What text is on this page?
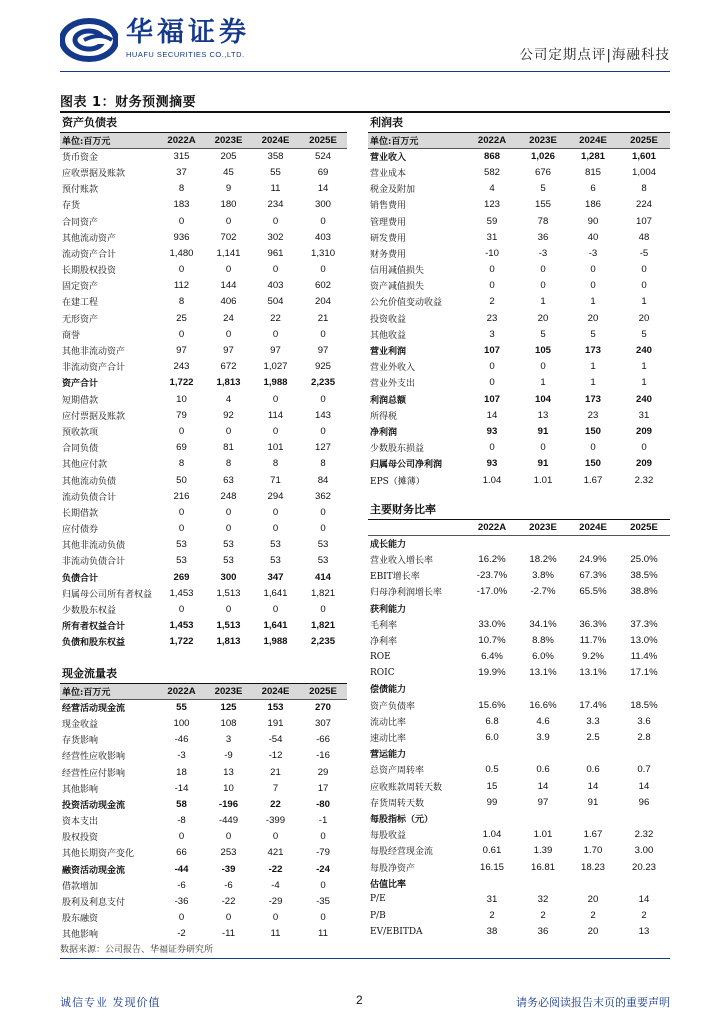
华福证券
HUAFU SECURITIES CO.,LTD.	公司定期点评|海融科技
图表 1：财务预测摘要
资产负债表				
单位:百万元	2022A	2023E	2024E	2025E
货币资金	315	205	358	524
应收票据及账款	37	45	55	69
预付账款	8	9	11	14
存货	183	180	234	300
合同资产	0	0	0	0
其他流动资产	936	702	302	403
流动资产合计	1,480	1,141	961	1,310
长期股权投资	0	0	0	0
固定资产	112	144	403	602
在建工程	8	406	504	204
无形资产	25	24	22	21
商誉	0	0	0	0
其他非流动资产	97	97	97	97
非流动资产合计	243	672	1,027	925
资产合计	1,722	1,813	1,988	2,235
短期借款	10	4	0	0
应付票据及账款	79	92	114	143
预收款项	0	0	0	0
合同负债	69	81	101	127
其他应付款	8	8	8	8
其他流动负债	50	63	71	84
流动负债合计	216	248	294	362
长期借款	0	0	0	0
应付债券	0	0	0	0
其他非流动负债	53	53	53	53
非流动负债合计	53	53	53	53
负债合计	269	300	347	414
归属母公司所有者权益	1,453	1,513	1,641	1,821
少数股东权益	0	0	0	0
所有者权益合计	1,453	1,513	1,641	1,821
负债和股东权益	1,722	1,813	1,988	2,235
现金流量表				
单位:百万元	2022A	2023E	2024E	2025E
经营活动现金流	55	125	153	270
现金收益	100	108	191	307
存货影响	-46	3	-54	-66
经营性应收影响	-3	-9	-12	-16
经营性应付影响	18	13	21	29
其他影响	-14	10	7	17
投资活动现金流	58	-196	22	-80
资本支出	-8	-449	-399	-1
股权投资	0	0	0	0
其他长期资产变化	66	253	421	-79
融资活动现金流	-44	-39	-22	-24
借款增加	-6	-6	-4	0
股利及利息支付	-36	-22	-29	-35
股东融资	0	0	0	0
其他影响	-2	-11	11	11
利润表				
单位:百万元	2022A	2023E	2024E	2025E
营业收入	868	1,026	1,281	1,601
营业成本	582	676	815	1,004
税金及附加	4	5	6	8
销售费用	123	155	186	224
管理费用	59	78	90	107
研发费用	31	36	40	48
财务费用	-10	-3	-3	-5
信用减值损失	0	0	0	0
资产减值损失	0	0	0	0
公允价值变动收益	2	1	1	1
投资收益	23	20	20	20
其他收益	3	5	5	5
营业利润	107	105	173	240
营业外收入	0	0	1	1
营业外支出	0	1	1	1
利润总额	107	104	173	240
所得税	14	13	23	31
净利润	93	91	150	209
少数股东损益	0	0	0	0
归属母公司净利润	93	91	150	209
EPS（摊薄）	1.04	1.01	1.67	2.32
主要财务比率				
	2022A	2023E	2024E	2025E
成长能力				
营业收入增长率	16.2%	18.2%	24.9%	25.0%
EBIT增长率	-23.7%	3.8%	67.3%	38.5%
归母净利润增长率	-17.0%	-2.7%	65.5%	38.8%
获利能力				
毛利率	33.0%	34.1%	36.3%	37.3%
净利率	10.7%	8.8%	11.7%	13.0%
ROE	6.4%	6.0%	9.2%	11.4%
ROIC	19.9%	13.1%	13.1%	17.1%
偿债能力				
资产负债率	15.6%	16.6%	17.4%	18.5%
流动比率	6.8	4.6	3.3	3.6
速动比率	6.0	3.9	2.5	2.8
营运能力				
总资产周转率	0.5	0.6	0.6	0.7
应收账款周转天数	15	14	14	14
存货周转天数	99	97	91	96
每股指标（元）				
每股收益	1.04	1.01	1.67	2.32
每股经营现金流	0.61	1.39	1.70	3.00
每股净资产	16.15	16.81	18.23	20.23
估值比率				
P/E	31	32	20	14
P/B	2	2	2	2
EV/EBITDA	38	36	20	13
数据来源：公司报告、华福证券研究所
诚信专业 发现价值	2	请务必阅读报告末页的重要声明
